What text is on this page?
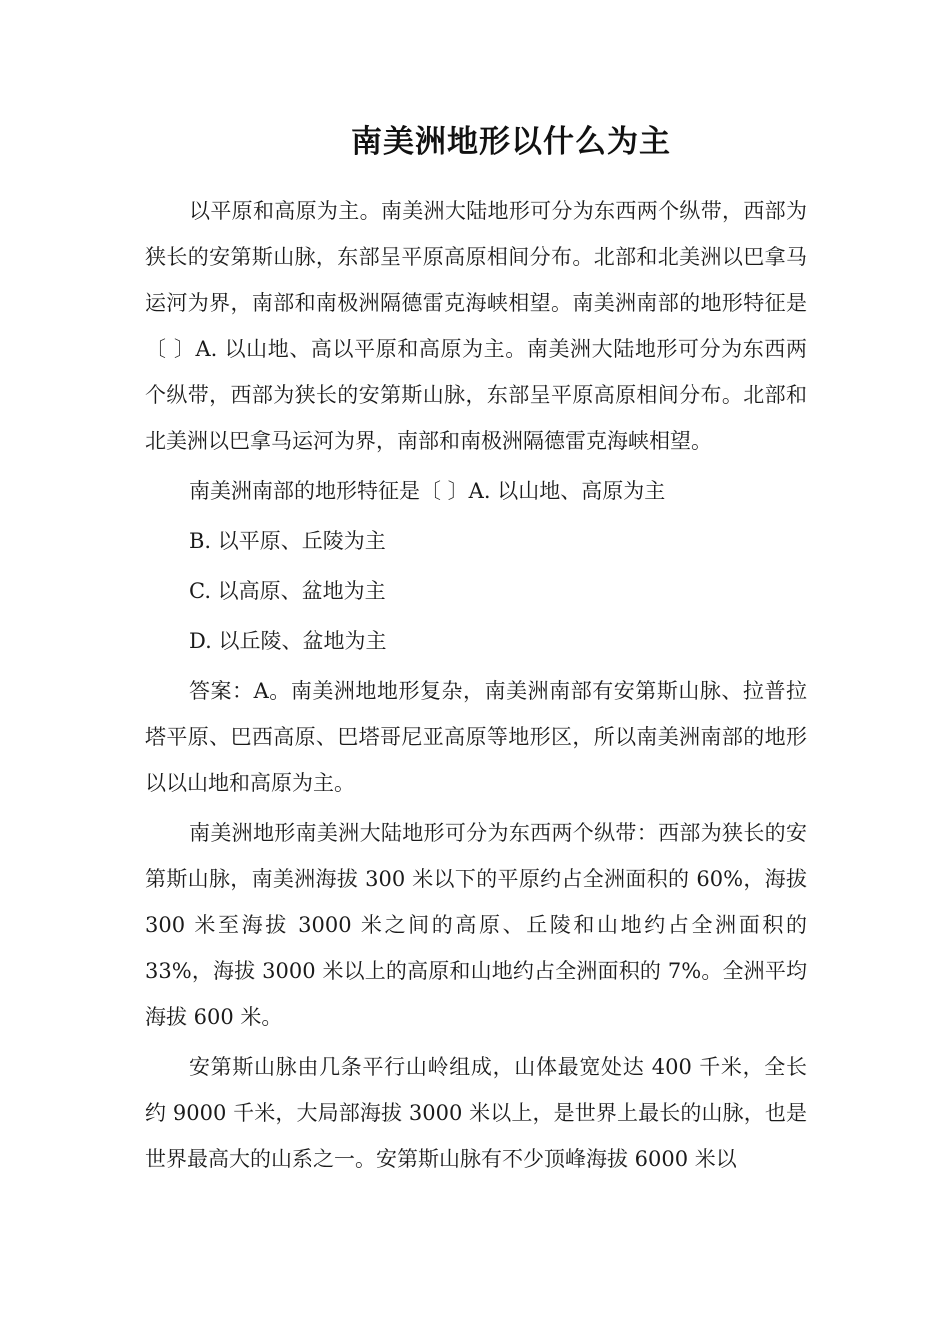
南美洲地形以什么为主

以平原和高原为主。南美洲大陆地形可分为东西两个纵带，西部为狭长的安第斯山脉，东部呈平原高原相间分布。北部和北美洲以巴拿马运河为界，南部和南极洲隔德雷克海峡相望。南美洲南部的地形特征是〔 〕A. 以山地、高以平原和高原为主。南美洲大陆地形可分为东西两个纵带，西部为狭长的安第斯山脉，东部呈平原高原相间分布。北部和北美洲以巴拿马运河为界，南部和南极洲隔德雷克海峡相望。

南美洲南部的地形特征是〔 〕A. 以山地、高原为主

B. 以平原、丘陵为主

C. 以高原、盆地为主

D. 以丘陵、盆地为主

答案：A。南美洲地地形复杂，南美洲南部有安第斯山脉、拉普拉塔平原、巴西高原、巴塔哥尼亚高原等地形区，所以南美洲南部的地形以以山地和高原为主。

南美洲地形南美洲大陆地形可分为东西两个纵带：西部为狭长的安第斯山脉，南美洲海拔 300 米以下的平原约占全洲面积的 60%，海拔 300 米至海拔 3000 米之间的高原、丘陵和山地约占全洲面积的 33%，海拔 3000 米以上的高原和山地约占全洲面积的 7%。全洲平均海拔 600 米。

安第斯山脉由几条平行山岭组成，山体最宽处达 400 千米，全长约 9000 千米，大局部海拔 3000 米以上，是世界上最长的山脉，也是世界最高大的山系之一。安第斯山脉有不少顶峰海拔 6000 米以
